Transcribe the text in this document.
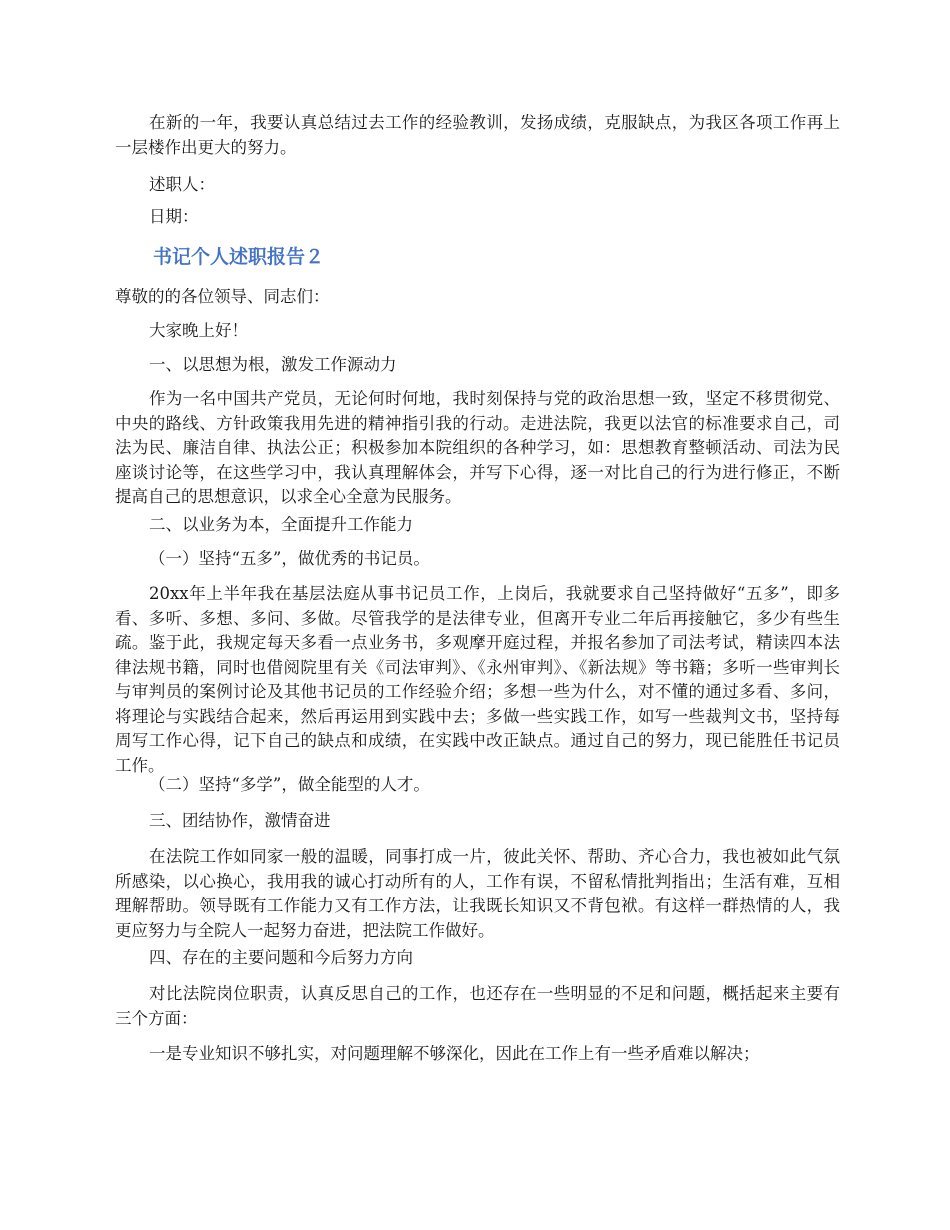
在新的一年，我要认真总结过去工作的经验教训，发扬成绩，克服缺点，为我区各项工作再上一层楼作出更大的努力。

述职人：

日期：

书记个人述职报告２

尊敬的的各位领导、同志们：

大家晚上好！

一、以思想为根，激发工作源动力

作为一名中国共产党员，无论何时何地，我时刻保持与党的政治思想一致，坚定不移贯彻党、中央的路线、方针政策我用先进的精神指引我的行动。走进法院，我更以法官的标准要求自己，司法为民、廉洁自律、执法公正；积极参加本院组织的各种学习，如：思想教育整顿活动、司法为民座谈讨论等，在这些学习中，我认真理解体会，并写下心得，逐一对比自己的行为进行修正，不断提高自己的思想意识，以求全心全意为民服务。

二、以业务为本，全面提升工作能力

（一）坚持“五多”，做优秀的书记员。

20xx年上半年我在基层法庭从事书记员工作，上岗后，我就要求自己坚持做好“五多”，即多看、多听、多想、多问、多做。尽管我学的是法律专业，但离开专业二年后再接触它，多少有些生疏。鉴于此，我规定每天多看一点业务书，多观摩开庭过程，并报名参加了司法考试，精读四本法律法规书籍，同时也借阅院里有关《司法审判》、《永州审判》、《新法规》等书籍；多听一些审判长与审判员的案例讨论及其他书记员的工作经验介绍；多想一些为什么，对不懂的通过多看、多问，将理论与实践结合起来，然后再运用到实践中去；多做一些实践工作，如写一些裁判文书，坚持每周写工作心得，记下自己的缺点和成绩，在实践中改正缺点。通过自己的努力，现已能胜任书记员工作。

（二）坚持“多学”，做全能型的人才。

三、团结协作，激情奋进

在法院工作如同家一般的温暖，同事打成一片，彼此关怀、帮助、齐心合力，我也被如此气氛所感染，以心换心，我用我的诚心打动所有的人，工作有误，不留私情批判指出；生活有难，互相理解帮助。领导既有工作能力又有工作方法，让我既长知识又不背包袱。有这样一群热情的人，我更应努力与全院人一起努力奋进，把法院工作做好。

四、存在的主要问题和今后努力方向

对比法院岗位职责，认真反思自己的工作，也还存在一些明显的不足和问题，概括起来主要有三个方面：

一是专业知识不够扎实，对问题理解不够深化，因此在工作上有一些矛盾难以解决；
